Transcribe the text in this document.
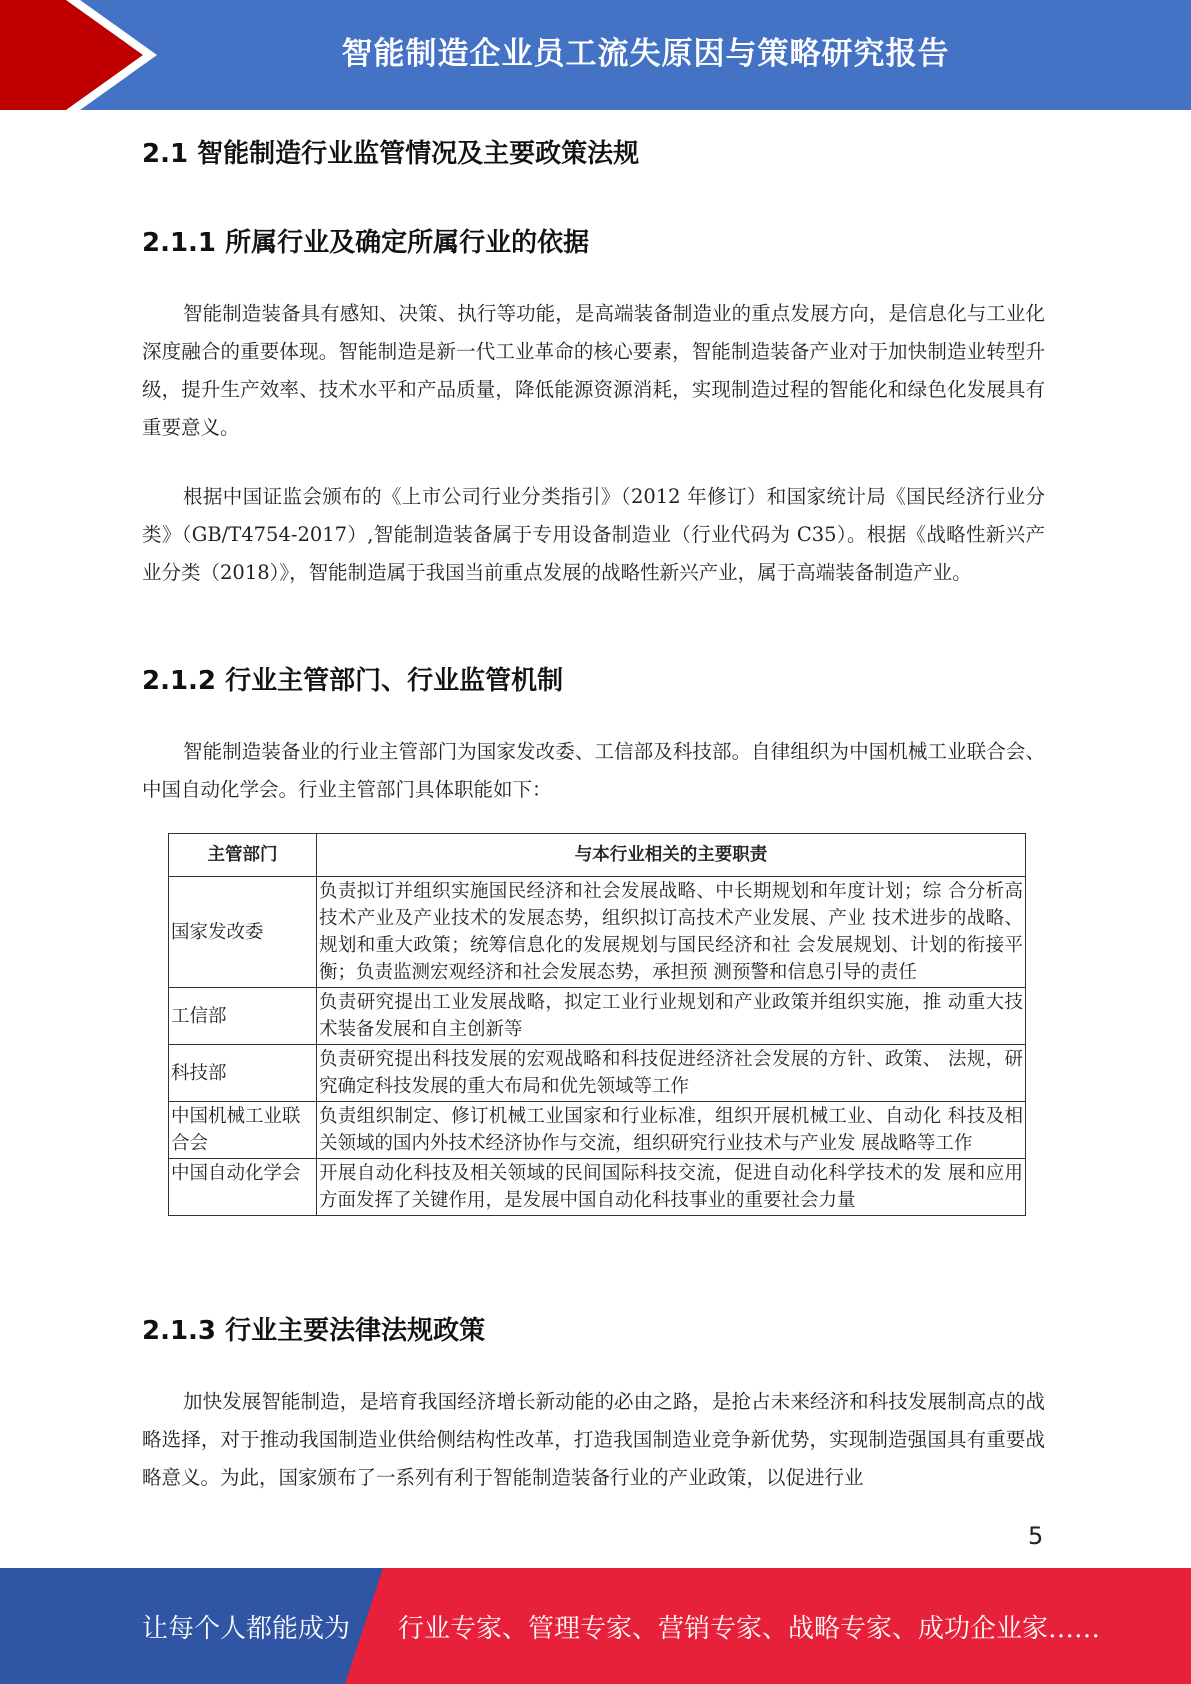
智能制造企业员工流失原因与策略研究报告
2.1 智能制造行业监管情况及主要政策法规
2.1.1 所属行业及确定所属行业的依据

智能制造装备具有感知、决策、执行等功能，是高端装备制造业的重点发展方向，是信息化与工业化深度融合的重要体现。智能制造是新一代工业革命的核心要素，智能制造装备产业对于加快制造业转型升级，提升生产效率、技术水平和产品质量，降低能源资源消耗，实现制造过程的智能化和绿色化发展具有重要意义。

根据中国证监会颁布的《上市公司行业分类指引》（2012 年修订）和国家统计局《国民经济行业分类》（GB/T4754-2017）,智能制造装备属于专用设备制造业（行业代码为 C35）。根据《战略性新兴产业分类（2018）》，智能制造属于我国当前重点发展的战略性新兴产业，属于高端装备制造产业。

2.1.2 行业主管部门、行业监管机制

智能制造装备业的行业主管部门为国家发改委、工信部及科技部。自律组织为中国机械工业联合会、中国自动化学会。行业主管部门具体职能如下：

主管部门	与本行业相关的主要职责
国家发改委	负责拟订并组织实施国民经济和社会发展战略、中长期规划和年度计划；综 合分析高技术产业及产业技术的发展态势，组织拟订高技术产业发展、产业 技术进步的战略、规划和重大政策；统筹信息化的发展规划与国民经济和社 会发展规划、计划的衔接平衡；负责监测宏观经济和社会发展态势，承担预 测预警和信息引导的责任
工信部	负责研究提出工业发展战略，拟定工业行业规划和产业政策并组织实施，推 动重大技术装备发展和自主创新等
科技部	负责研究提出科技发展的宏观战略和科技促进经济社会发展的方针、政策、 法规，研究确定科技发展的重大布局和优先领域等工作
中国机械工业联合会	负责组织制定、修订机械工业国家和行业标准，组织开展机械工业、自动化 科技及相关领域的国内外技术经济协作与交流，组织研究行业技术与产业发 展战略等工作
中国自动化学会	开展自动化科技及相关领域的民间国际科技交流，促进自动化科学技术的发 展和应用方面发挥了关键作用，是发展中国自动化科技事业的重要社会力量
2.1.3 行业主要法律法规政策

加快发展智能制造，是培育我国经济增长新动能的必由之路，是抢占未来经济和科技发展制高点的战略选择，对于推动我国制造业供给侧结构性改革，打造我国制造业竞争新优势，实现制造强国具有重要战略意义。为此，国家颁布了一系列有利于智能制造装备行业的产业政策，以促进行业

5
让每个人都能成为 行业专家、管理专家、营销专家、战略专家、成功企业家……
